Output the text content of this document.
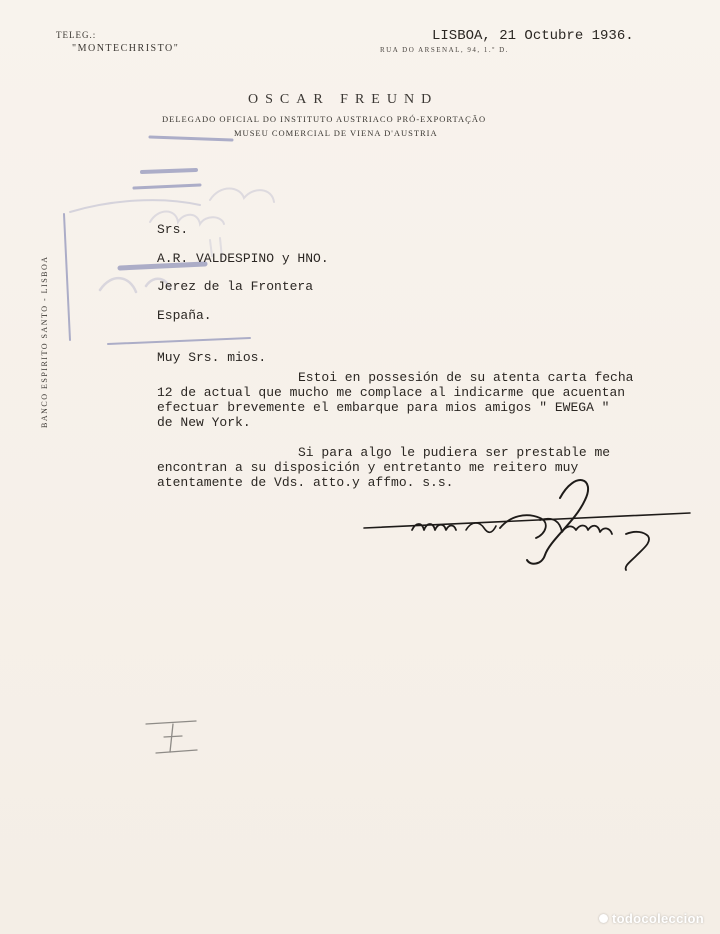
TELEG.:
"MONTECHRISTO"
LISBOA, 21 Octubre 1936.
RUA DO ARSENAL, 94, 1.º D.
OSCAR FREUND
DELEGADO OFICIAL DO INSTITUTO AUSTRIACO PRÓ-EXPORTAÇÃO
MUSEU COMERCIAL DE VIENA D'AUSTRIA
BANCO ESPIRITO SANTO - LISBOA
Srs.
A.R. VALDESPINO y HNO.
Jerez de la Frontera
España.
Muy Srs. mios.
Estoi en possesión de su atenta carta fecha
12 de actual que mucho me complace al indicarme que acuentan
efectuar brevemente el embarque para mios amigos " EWEGA "
de New York.
Si para algo le pudiera ser prestable me
encontran a su disposición y entretanto me reitero muy
atentamente de Vds. atto.y affmo. s.s.
todocoleccion
